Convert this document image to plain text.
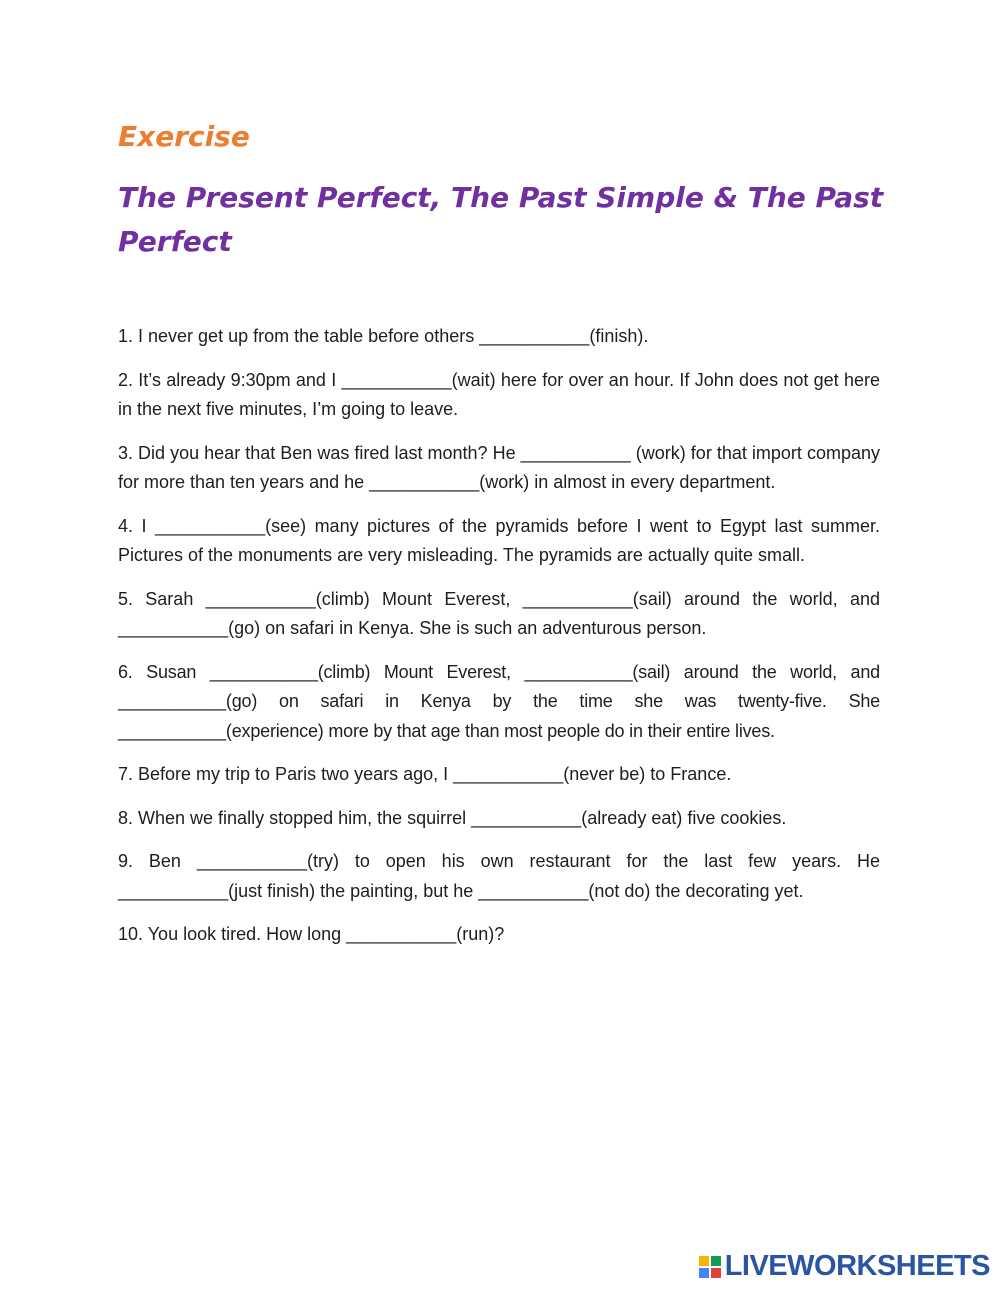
Exercise
The Present Perfect, The Past Simple & The Past Perfect

1. I never get up from the table before others ___________(finish).

2. It’s already 9:30pm and I ___________(wait) here for over an hour. If John does not get here in the next five minutes, I’m going to leave.

3. Did you hear that Ben was fired last month? He ___________ (work) for that import company for more than ten years and he ___________(work) in almost in every department.

4. I ___________(see) many pictures of the pyramids before I went to Egypt last summer. Pictures of the monuments are very misleading. The pyramids are actually quite small.

5. Sarah ___________(climb) Mount Everest, ___________(sail) around the world, and ___________(go) on safari in Kenya. She is such an adventurous person.

6. Susan ___________(climb) Mount Everest, ___________(sail) around the world, and ___________(go) on safari in Kenya by the time she was twenty-five. She ___________(experience) more by that age than most people do in their entire lives.

7. Before my trip to Paris two years ago, I ___________(never be) to France.

8. When we finally stopped him, the squirrel ___________(already eat) five cookies.

9. Ben ___________(try) to open his own restaurant for the last few years. He ___________(just finish) the painting, but he ___________(not do) the decorating yet.

10. You look tired. How long ___________(run)?

LIVEWORKSHEETS
